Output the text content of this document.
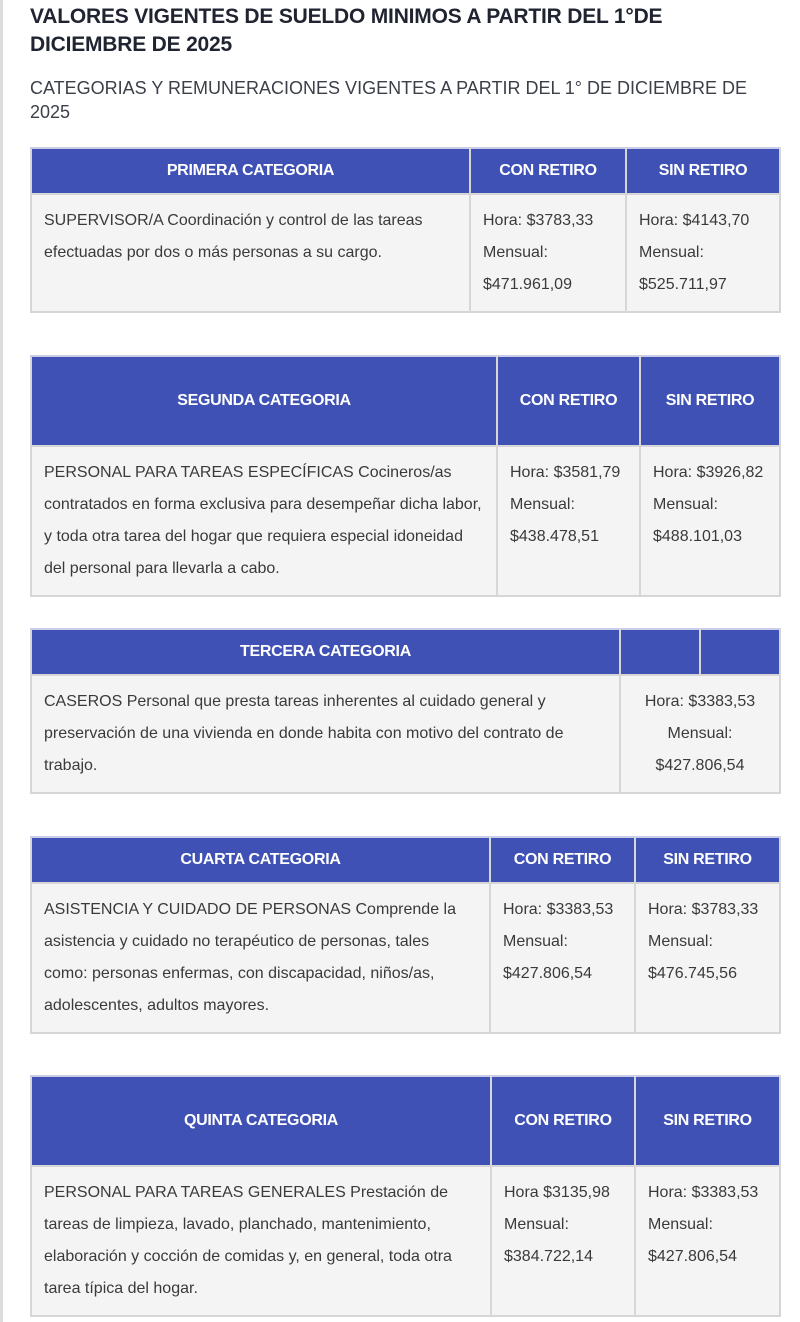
VALORES VIGENTES DE SUELDO MINIMOS A PARTIR DEL 1°DE DICIEMBRE DE 2025
CATEGORIAS Y REMUNERACIONES VIGENTES A PARTIR DEL 1° DE DICIEMBRE DE 2025
PRIMERA CATEGORIA	CON RETIRO	SIN RETIRO
SUPERVISOR/A Coordinación y control de las tareas efectuadas por dos o más personas a su cargo.	Hora: $3783,33 Mensual: $471.961,09	Hora: $4143,70 Mensual: $525.711,97
SEGUNDA CATEGORIA	CON RETIRO	SIN RETIRO
PERSONAL PARA TAREAS ESPECÍFICAS Cocineros/as contratados en forma exclusiva para desempeñar dicha labor, y toda otra tarea del hogar que requiera especial idoneidad del personal para llevarla a cabo.	Hora: $3581,79 Mensual: $438.478,51	Hora: $3926,82 Mensual: $488.101,03
TERCERA CATEGORIA		
CASEROS Personal que presta tareas inherentes al cuidado general y preservación de una vivienda en donde habita con motivo del contrato de trabajo.	Hora: $3383,53 Mensual: $427.806,54	
CUARTA CATEGORIA	CON RETIRO	SIN RETIRO
ASISTENCIA Y CUIDADO DE PERSONAS Comprende la asistencia y cuidado no terapéutico de personas, tales como: personas enfermas, con discapacidad, niños/as, adolescentes, adultos mayores.	Hora: $3383,53 Mensual: $427.806,54	Hora: $3783,33 Mensual: $476.745,56
QUINTA CATEGORIA	CON RETIRO	SIN RETIRO
PERSONAL PARA TAREAS GENERALES Prestación de tareas de limpieza, lavado, planchado, mantenimiento, elaboración y cocción de comidas y, en general, toda otra tarea típica del hogar.	Hora $3135,98 Mensual: $384.722,14	Hora: $3383,53 Mensual: $427.806,54
